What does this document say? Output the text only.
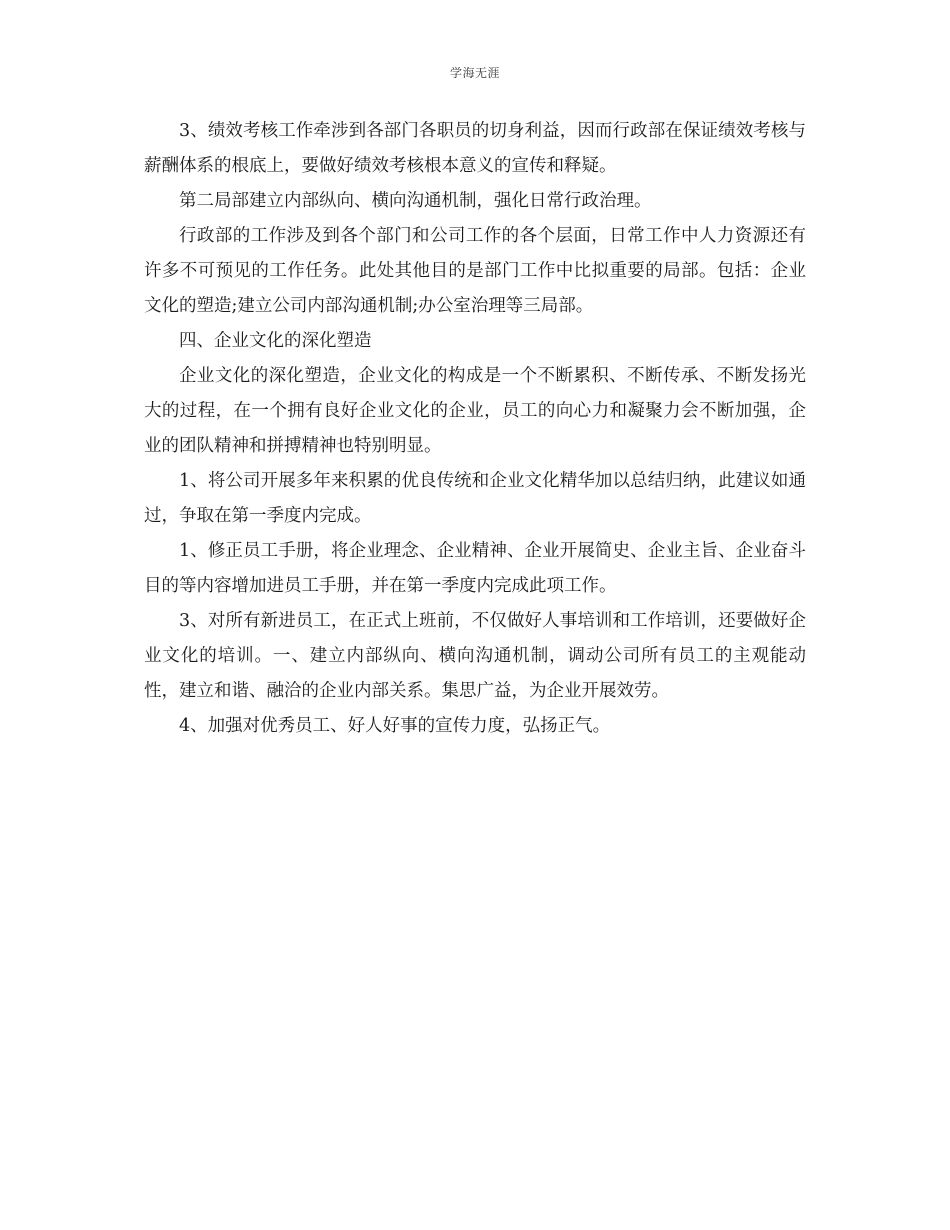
学海无涯

3、绩效考核工作牵涉到各部门各职员的切身利益，因而行政部在保证绩效考核与薪酬体系的根底上，要做好绩效考核根本意义的宣传和释疑。

第二局部建立内部纵向、横向沟通机制，强化日常行政治理。

行政部的工作涉及到各个部门和公司工作的各个层面，日常工作中人力资源还有许多不可预见的工作任务。此处其他目的是部门工作中比拟重要的局部。包括：企业文化的塑造;建立公司内部沟通机制;办公室治理等三局部。

四、企业文化的深化塑造

企业文化的深化塑造，企业文化的构成是一个不断累积、不断传承、不断发扬光大的过程，在一个拥有良好企业文化的企业，员工的向心力和凝聚力会不断加强，企业的团队精神和拼搏精神也特别明显。

1、将公司开展多年来积累的优良传统和企业文化精华加以总结归纳，此建议如通过，争取在第一季度内完成。

1、修正员工手册，将企业理念、企业精神、企业开展简史、企业主旨、企业奋斗目的等内容增加进员工手册，并在第一季度内完成此项工作。

3、对所有新进员工，在正式上班前，不仅做好人事培训和工作培训，还要做好企业文化的培训。一、建立内部纵向、横向沟通机制，调动公司所有员工的主观能动性，建立和谐、融洽的企业内部关系。集思广益，为企业开展效劳。

4、加强对优秀员工、好人好事的宣传力度，弘扬正气。
